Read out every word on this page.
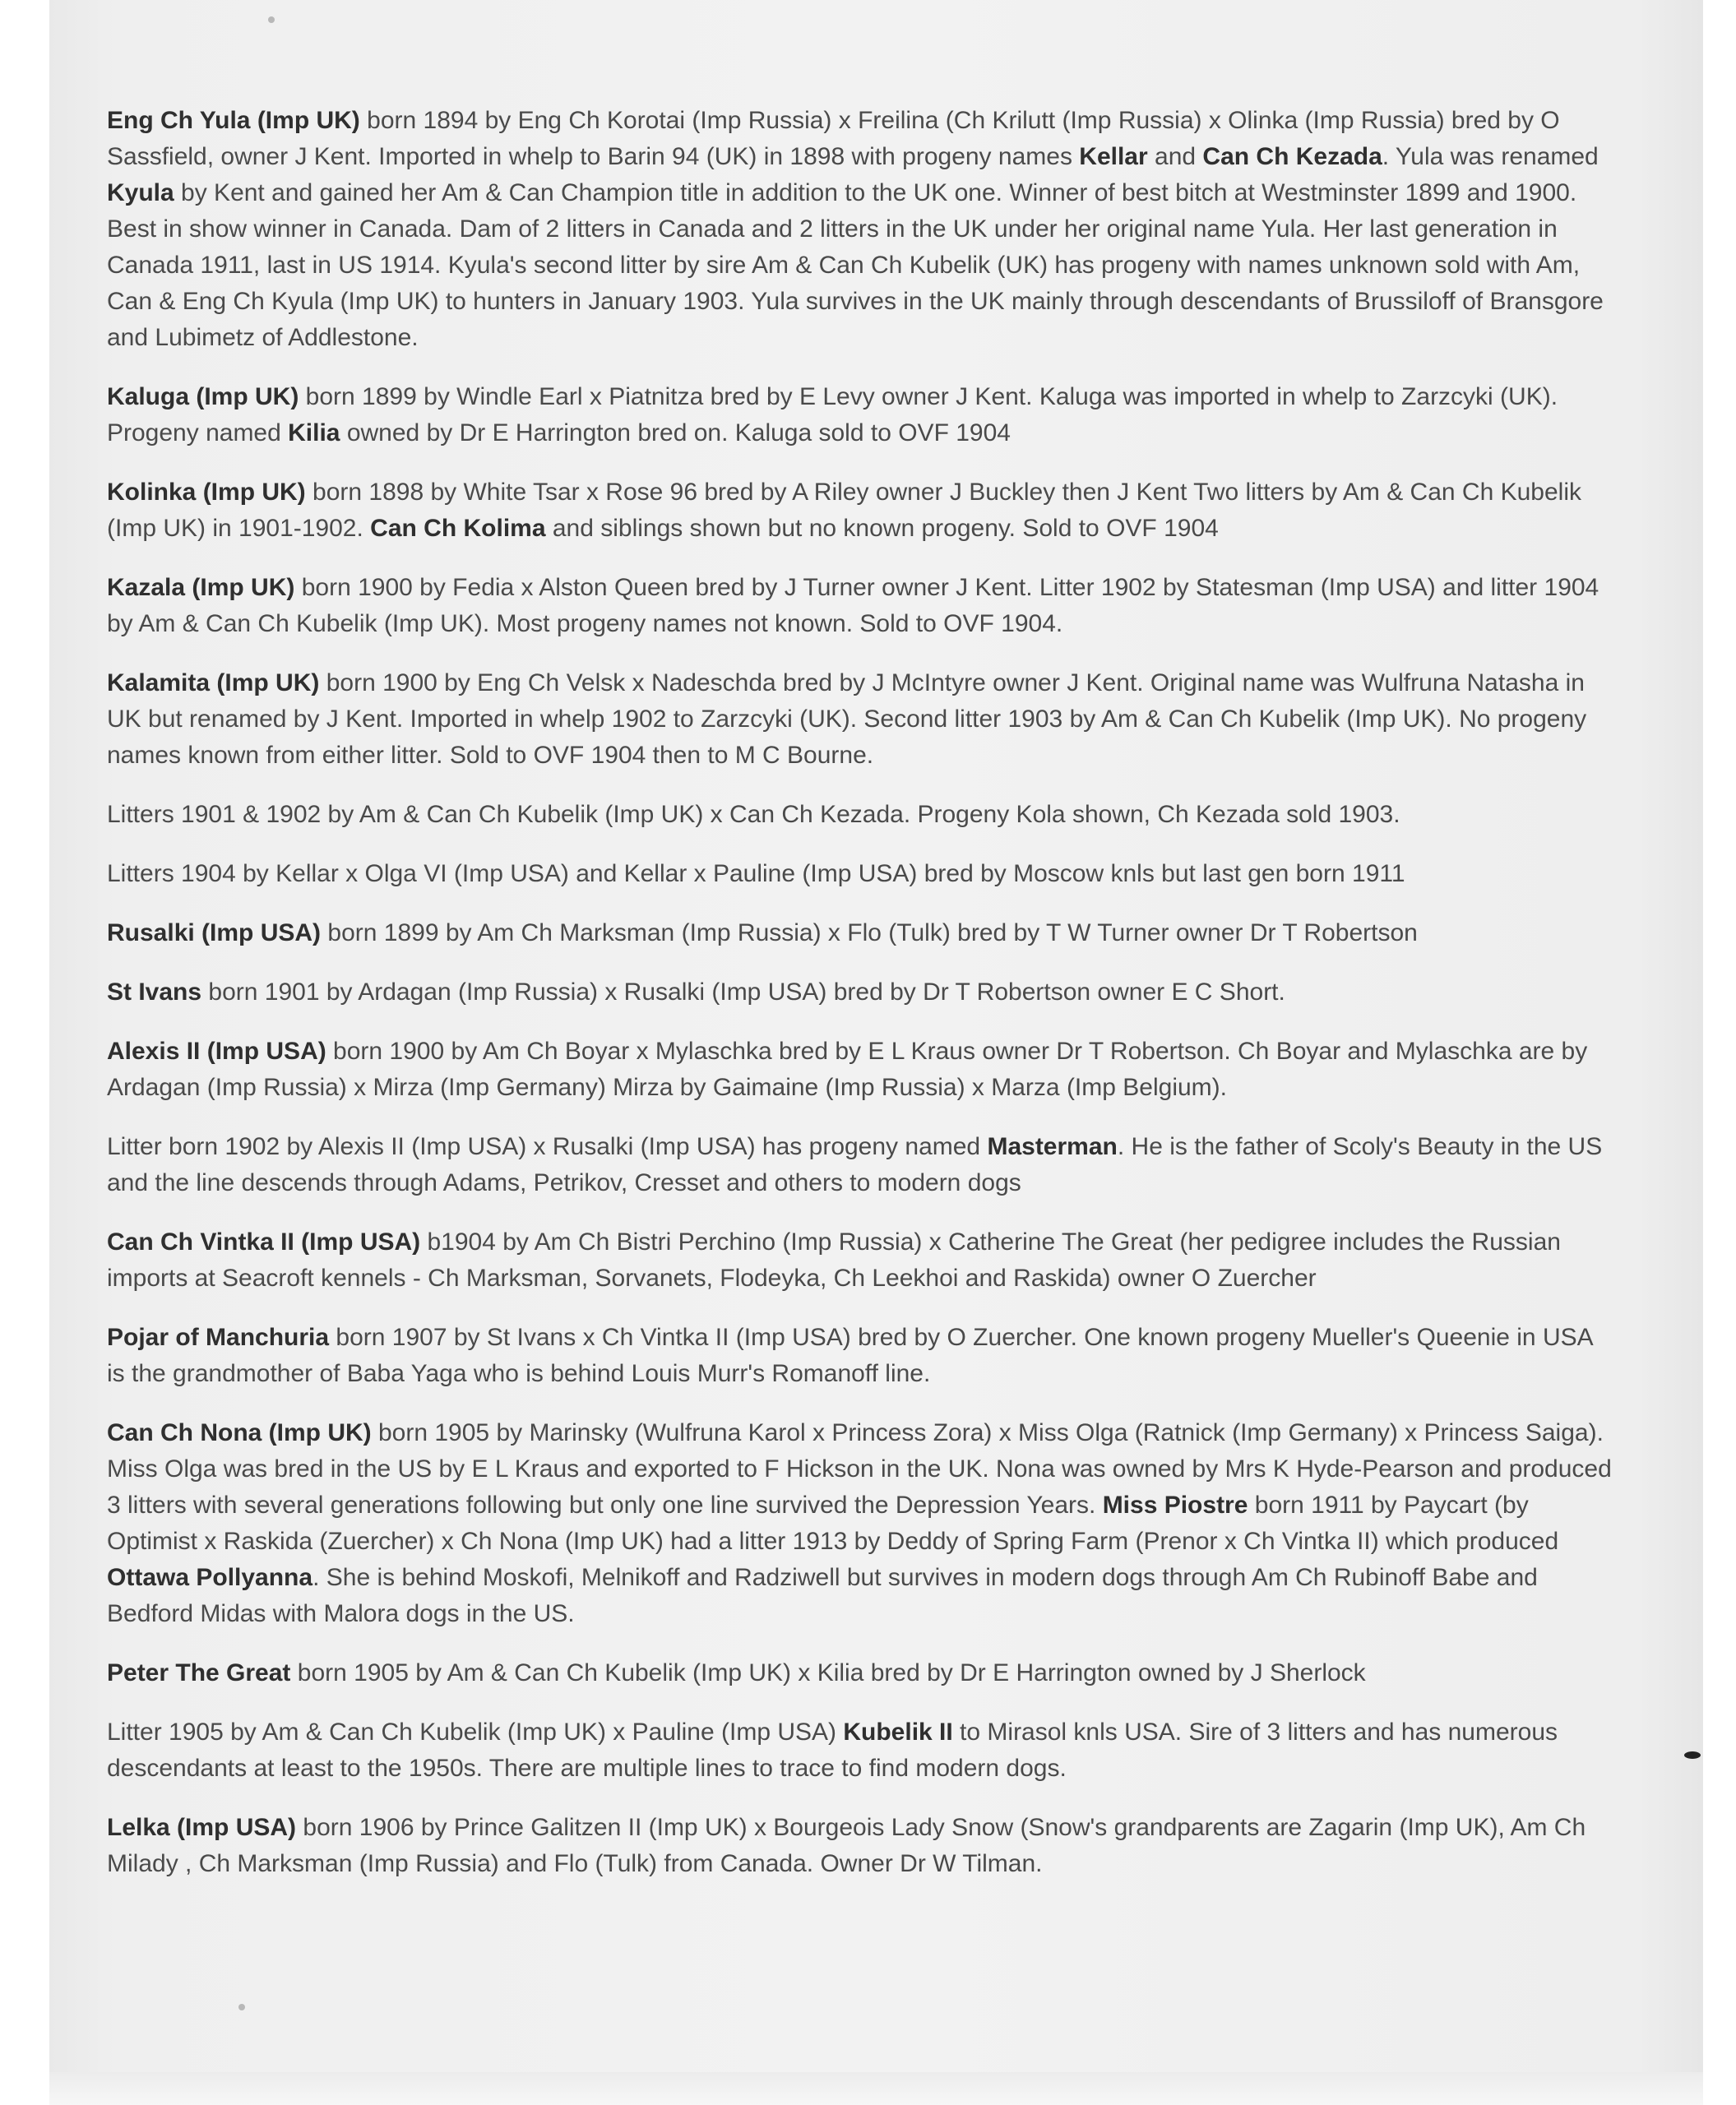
Eng Ch Yula (Imp UK) born 1894 by Eng Ch Korotai (Imp Russia) x Freilina (Ch Krilutt (Imp Russia) x Olinka (Imp Russia) bred by O Sassfield, owner J Kent. Imported in whelp to Barin 94 (UK) in 1898 with progeny names Kellar and Can Ch Kezada. Yula was renamed Kyula by Kent and gained her Am & Can Champion title in addition to the UK one. Winner of best bitch at Westminster 1899 and 1900. Best in show winner in Canada. Dam of 2 litters in Canada and 2 litters in the UK under her original name Yula. Her last generation in Canada 1911, last in US 1914. Kyula's second litter by sire Am & Can Ch Kubelik (UK) has progeny with names unknown sold with Am, Can & Eng Ch Kyula (Imp UK) to hunters in January 1903. Yula survives in the UK mainly through descendants of Brussiloff of Bransgore and Lubimetz of Addlestone.

Kaluga (Imp UK) born 1899 by Windle Earl x Piatnitza bred by E Levy owner J Kent. Kaluga was imported in whelp to Zarzcyki (UK). Progeny named Kilia owned by Dr E Harrington bred on. Kaluga sold to OVF 1904

Kolinka (Imp UK) born 1898 by White Tsar x Rose 96 bred by A Riley owner J Buckley then J Kent Two litters by Am & Can Ch Kubelik (Imp UK) in 1901-1902. Can Ch Kolima and siblings shown but no known progeny. Sold to OVF 1904

Kazala (Imp UK) born 1900 by Fedia x Alston Queen bred by J Turner owner J Kent. Litter 1902 by Statesman (Imp USA) and litter 1904 by Am & Can Ch Kubelik (Imp UK). Most progeny names not known. Sold to OVF 1904.

Kalamita (Imp UK) born 1900 by Eng Ch Velsk x Nadeschda bred by J McIntyre owner J Kent. Original name was Wulfruna Natasha in UK but renamed by J Kent. Imported in whelp 1902 to Zarzcyki (UK). Second litter 1903 by Am & Can Ch Kubelik (Imp UK). No progeny names known from either litter. Sold to OVF 1904 then to M C Bourne.

Litters 1901 & 1902 by Am & Can Ch Kubelik (Imp UK) x Can Ch Kezada. Progeny Kola shown, Ch Kezada sold 1903.

Litters 1904 by Kellar x Olga VI (Imp USA) and Kellar x Pauline (Imp USA) bred by Moscow knls but last gen born 1911

Rusalki (Imp USA) born 1899 by Am Ch Marksman (Imp Russia) x Flo (Tulk) bred by T W Turner owner Dr T Robertson

St Ivans born 1901 by Ardagan (Imp Russia) x Rusalki (Imp USA) bred by Dr T Robertson owner E C Short.

Alexis II (Imp USA) born 1900 by Am Ch Boyar x Mylaschka bred by E L Kraus owner Dr T Robertson. Ch Boyar and Mylaschka are by Ardagan (Imp Russia) x Mirza (Imp Germany) Mirza by Gaimaine (Imp Russia) x Marza (Imp Belgium).

Litter born 1902 by Alexis II (Imp USA) x Rusalki (Imp USA) has progeny named Masterman. He is the father of Scoly's Beauty in the US and the line descends through Adams, Petrikov, Cresset and others to modern dogs

Can Ch Vintka II (Imp USA) b1904 by Am Ch Bistri Perchino (Imp Russia) x Catherine The Great (her pedigree includes the Russian imports at Seacroft kennels - Ch Marksman, Sorvanets, Flodeyka, Ch Leekhoi and Raskida) owner O Zuercher

Pojar of Manchuria born 1907 by St Ivans x Ch Vintka II (Imp USA) bred by O Zuercher. One known progeny Mueller's Queenie in USA is the grandmother of Baba Yaga who is behind Louis Murr's Romanoff line.

Can Ch Nona (Imp UK) born 1905 by Marinsky (Wulfruna Karol x Princess Zora) x Miss Olga (Ratnick (Imp Germany) x Princess Saiga). Miss Olga was bred in the US by E L Kraus and exported to F Hickson in the UK. Nona was owned by Mrs K Hyde-Pearson and produced 3 litters with several generations following but only one line survived the Depression Years. Miss Piostre born 1911 by Paycart (by Optimist x Raskida (Zuercher) x Ch Nona (Imp UK) had a litter 1913 by Deddy of Spring Farm (Prenor x Ch Vintka II) which produced Ottawa Pollyanna. She is behind Moskofi, Melnikoff and Radziwell but survives in modern dogs through Am Ch Rubinoff Babe and Bedford Midas with Malora dogs in the US.

Peter The Great born 1905 by Am & Can Ch Kubelik (Imp UK) x Kilia bred by Dr E Harrington owned by J Sherlock

Litter 1905 by Am & Can Ch Kubelik (Imp UK) x Pauline (Imp USA) Kubelik II to Mirasol knls USA. Sire of 3 litters and has numerous descendants at least to the 1950s. There are multiple lines to trace to find modern dogs.

Lelka (Imp USA) born 1906 by Prince Galitzen II (Imp UK) x Bourgeois Lady Snow (Snow's grandparents are Zagarin (Imp UK), Am Ch Milady , Ch Marksman (Imp Russia) and Flo (Tulk) from Canada. Owner Dr W Tilman.
